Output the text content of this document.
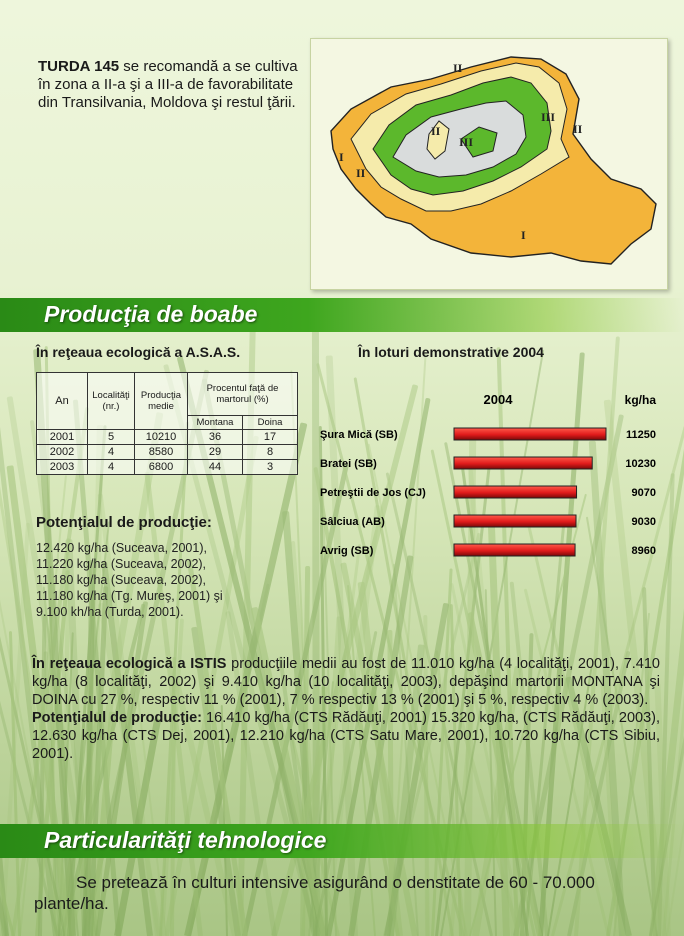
TURDA 145 se recomandă a se cultiva în zona a II-a şi a III-a de favorabilitate din Transilvania, Moldova şi restul ţării.
I
I
II
II
II	II
III
III
Producţia de boabe
În reţeaua ecologică a A.S.A.S.	În loturi demonstrative 2004
An	Localităţi (nr.)	Producţia medie	Procentul faţă de martorul (%)	
			Montana	Doina
2001	5	10210	36	17
2002	4	8580	29	8
2003	4	6800	44	3
2004	kg/ha
Şura Mică (SB)	11250
Bratei (SB)	10230
Petreştii de Jos (CJ)	9070
Sâlciua (AB)	9030
Avrig (SB)	8960
Potenţialul de producţie:
12.420 kg/ha (Suceava, 2001),
11.220 kg/ha (Suceava, 2002),
11.180 kg/ha (Suceava, 2002),
11.180 kg/ha (Tg. Mureş, 2001) şi
9.100 kh/ha (Turda, 2001).
În reţeaua ecologică a ISTIS producţiile medii au fost de 11.010 kg/ha (4 localităţi, 2001), 7.410 kg/ha (8 localităţi, 2002) şi 9.410 kg/ha (10 localităţi, 2003), depăşind martorii MONTANA şi DOINA cu 27 %, respectiv 11 % (2001), 7 % respectiv 13 % (2001) şi 5 %, respectiv 4 % (2003).
Potenţialul de producţie: 16.410 kg/ha (CTS Rădăuţi, 2001) 15.320 kg/ha, (CTS Rădăuţi, 2003), 12.630 kg/ha (CTS Dej, 2001), 12.210 kg/ha (CTS Satu Mare, 2001), 10.720 kg/ha (CTS Sibiu, 2001).
Particularităţi tehnologice
Se pretează în culturi intensive asigurând o denstitate de 60 - 70.000 plante/ha.
